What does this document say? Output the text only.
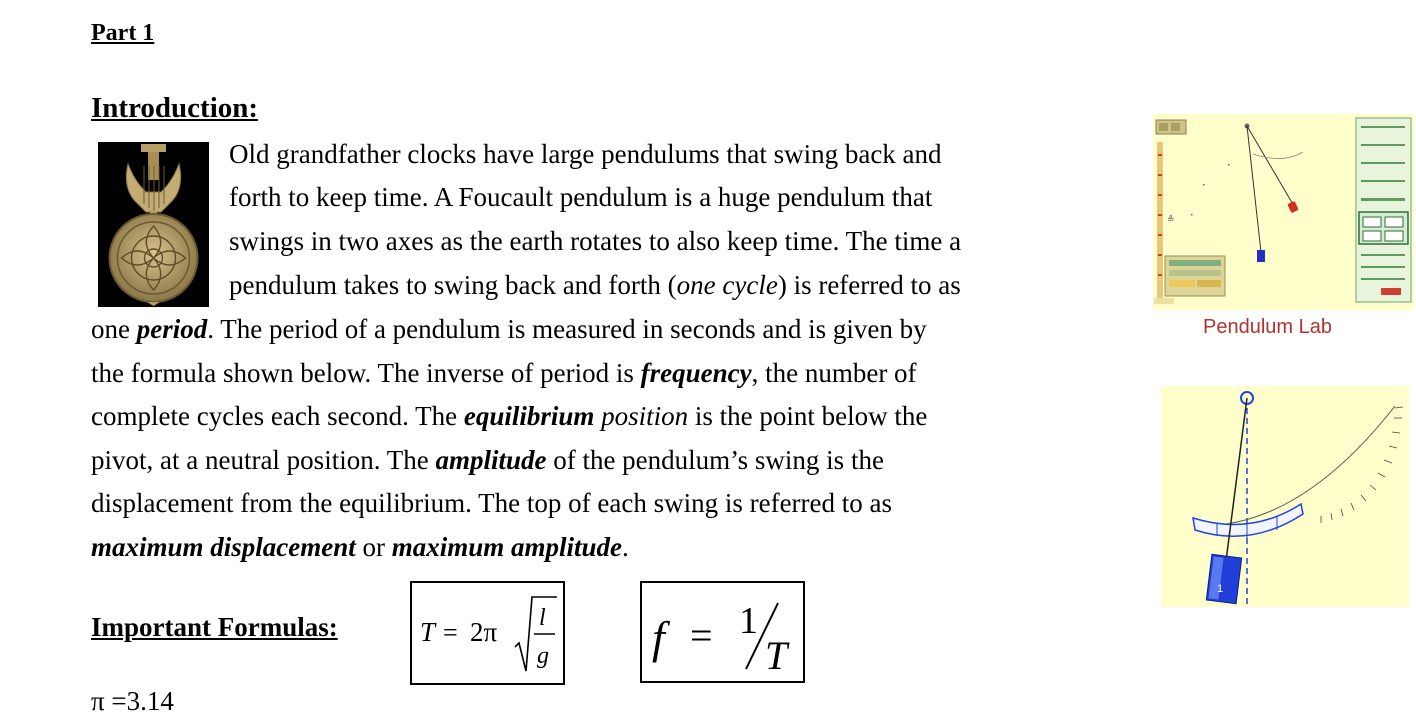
Part 1
Introduction:
Old grandfather clocks have large pendulums that swing back and
forth to keep time. A Foucault pendulum is a huge pendulum that
swings in two axes as the earth rotates to also keep time. The time a
pendulum takes to swing back and forth (one cycle) is referred to as
one period. The period of a pendulum is measured in seconds and is given by
the formula shown below. The inverse of period is frequency, the number of
complete cycles each second. The equilibrium position is the point below the
pivot, at a neutral position. The amplitude of the pendulum’s swing is the
displacement from the equilibrium. The top of each swing is referred to as
maximum displacement or maximum amplitude.
Important Formulas:	T = 2π l
g f = 1
T
π =3.14
≙
Pendulum Lab
1
